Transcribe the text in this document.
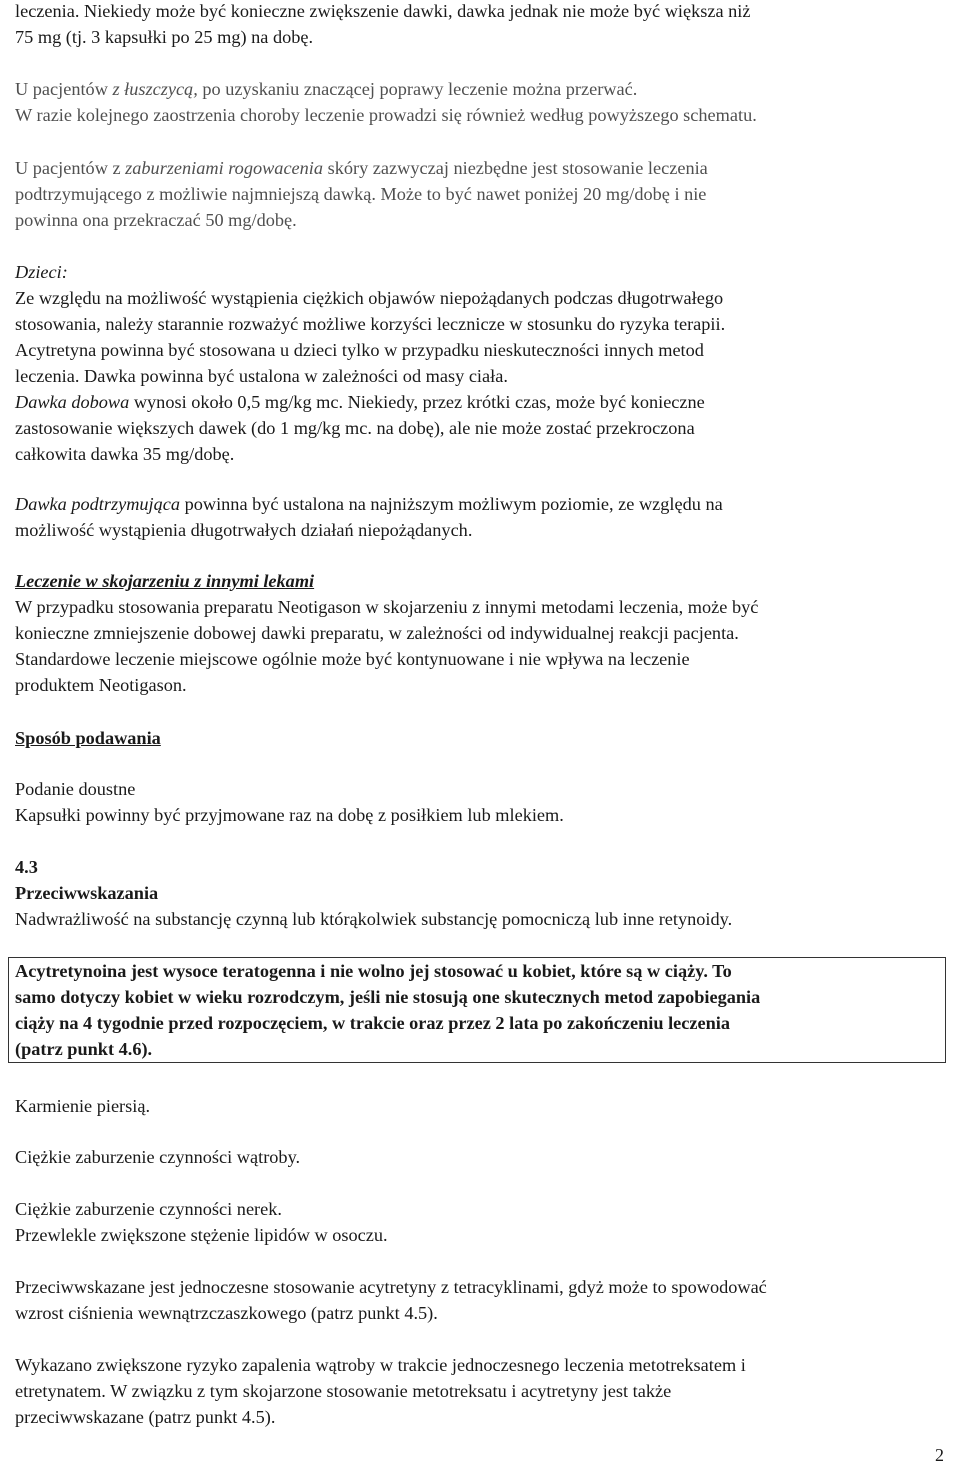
leczenia. Niekiedy może być konieczne zwiększenie dawki, dawka jednak nie może być większa niż
75 mg (tj. 3 kapsułki po 25 mg) na dobę.

U pacjentów z łuszczycą, po uzyskaniu znaczącej poprawy leczenie można przerwać.
W razie kolejnego zaostrzenia choroby leczenie prowadzi się również według powyższego schematu.

U pacjentów z zaburzeniami rogowacenia skóry zazwyczaj niezbędne jest stosowanie leczenia
podtrzymującego z możliwie najmniejszą dawką. Może to być nawet poniżej 20 mg/dobę i nie
powinna ona przekraczać 50 mg/dobę.

Dzieci:
Ze względu na możliwość wystąpienia ciężkich objawów niepożądanych podczas długotrwałego
stosowania, należy starannie rozważyć możliwe korzyści lecznicze w stosunku do ryzyka terapii.
Acytretyna powinna być stosowana u dzieci tylko w przypadku nieskuteczności innych metod
leczenia. Dawka powinna być ustalona w zależności od masy ciała.
Dawka dobowa wynosi około 0,5 mg/kg mc. Niekiedy, przez krótki czas, może być konieczne
zastosowanie większych dawek (do 1 mg/kg mc. na dobę), ale nie może zostać przekroczona
całkowita dawka 35 mg/dobę.

Dawka podtrzymująca powinna być ustalona na najniższym możliwym poziomie, ze względu na
możliwość wystąpienia długotrwałych działań niepożądanych.

Leczenie w skojarzeniu z innymi lekami
W przypadku stosowania preparatu Neotigason w skojarzeniu z innymi metodami leczenia, może być
konieczne zmniejszenie dobowej dawki preparatu, w zależności od indywidualnej reakcji pacjenta.
Standardowe leczenie miejscowe ogólnie może być kontynuowane i nie wpływa na leczenie
produktem Neotigason.

Sposób podawania

Podanie doustne
Kapsułki powinny być przyjmowane raz na dobę z posiłkiem lub mlekiem.

4.3
Przeciwwskazania

Nadwrażliwość na substancję czynną lub którąkolwiek substancję pomocniczą lub inne retynoidy.

Acytretynoina jest wysoce teratogenna i nie wolno jej stosować u kobiet, które są w ciąży. To
samo dotyczy kobiet w wieku rozrodczym, jeśli nie stosują one skutecznych metod zapobiegania
ciąży na 4 tygodnie przed rozpoczęciem, w trakcie oraz przez 2 lata po zakończeniu leczenia
(patrz punkt 4.6).

Karmienie piersią.

Ciężkie zaburzenie czynności wątroby.

Ciężkie zaburzenie czynności nerek.
Przewlekle zwiększone stężenie lipidów w osoczu.

Przeciwwskazane jest jednoczesne stosowanie acytretyny z tetracyklinami, gdyż może to spowodować
wzrost ciśnienia wewnątrzczaszkowego (patrz punkt 4.5).

Wykazano zwiększone ryzyko zapalenia wątroby w trakcie jednoczesnego leczenia metotreksatem i
etretynatem. W związku z tym skojarzone stosowanie metotreksatu i acytretyny jest także
przeciwwskazane (patrz punkt 4.5).

2
